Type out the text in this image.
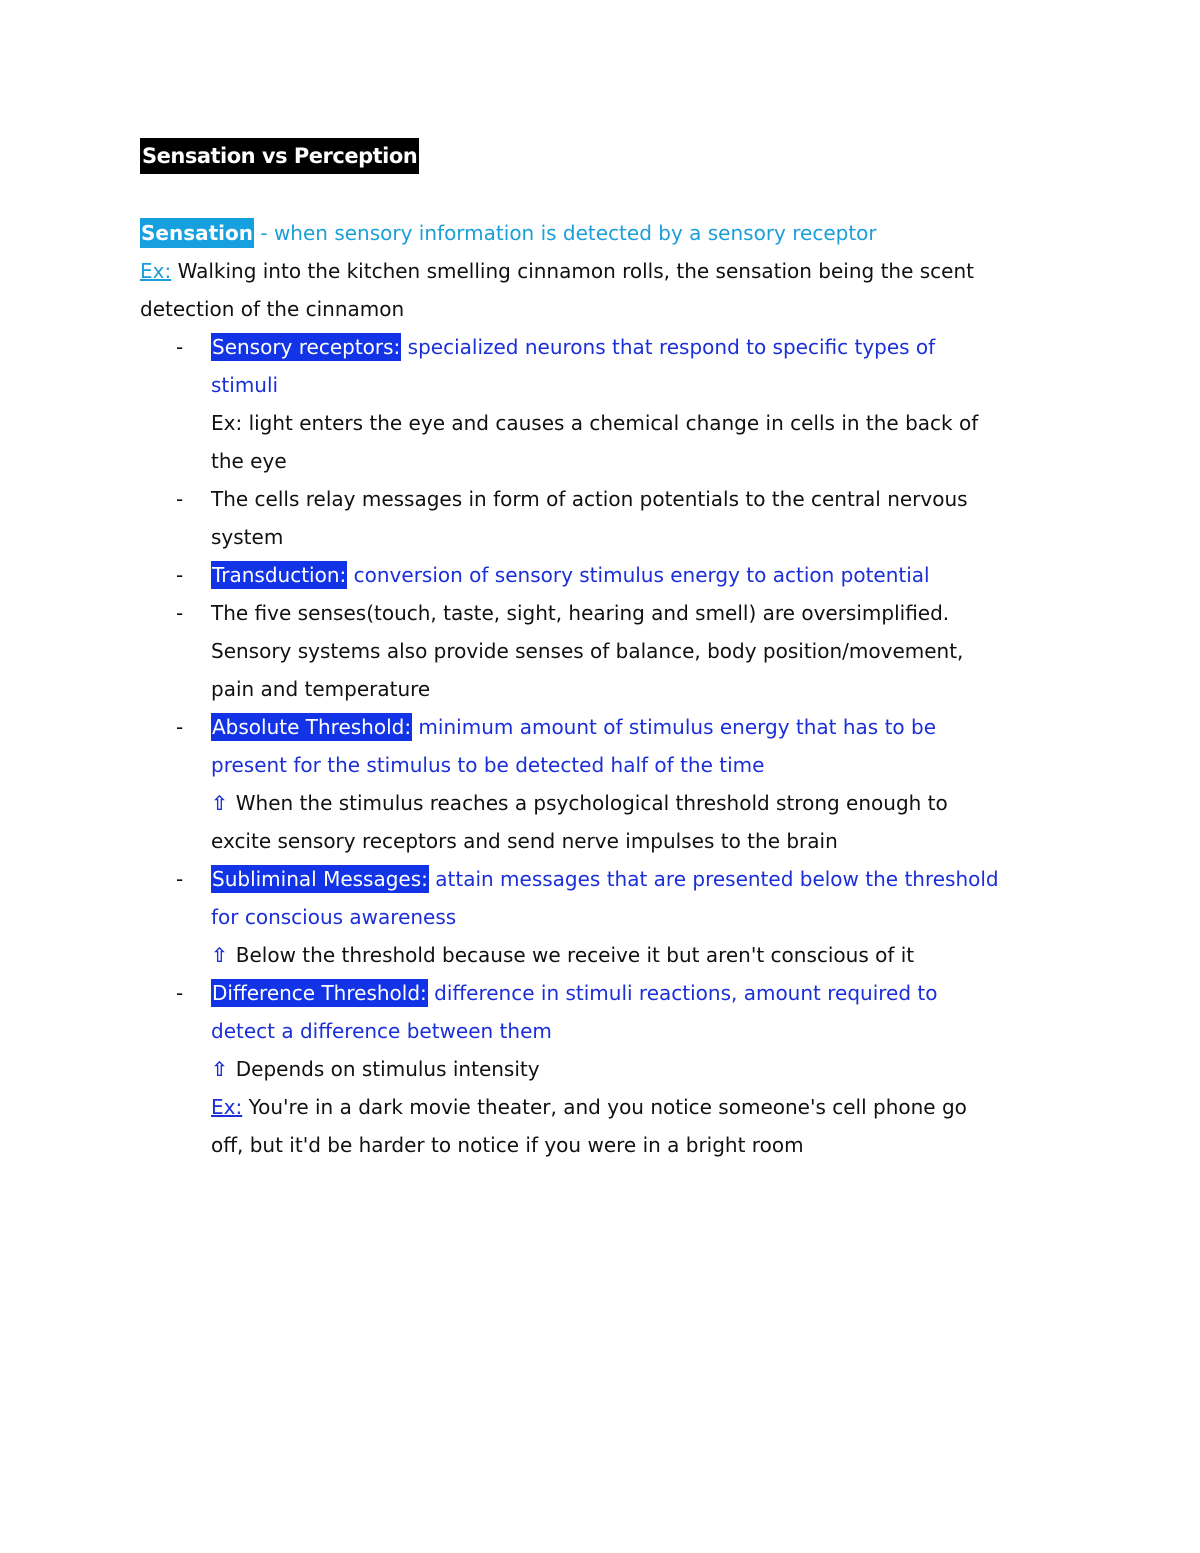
Sensation vs Perception
Sensation - when sensory information is detected by a sensory receptor
Ex: Walking into the kitchen smelling cinnamon rolls, the sensation being the scent
detection of the cinnamon
- Sensory receptors: specialized neurons that respond to specific types of
stimuli
Ex: light enters the eye and causes a chemical change in cells in the back of
the eye
- The cells relay messages in form of action potentials to the central nervous
system
- Transduction: conversion of sensory stimulus energy to action potential
- The five senses(touch, taste, sight, hearing and smell) are oversimplified.
Sensory systems also provide senses of balance, body position/movement,
pain and temperature
- Absolute Threshold: minimum amount of stimulus energy that has to be
present for the stimulus to be detected half of the time
⇧ When the stimulus reaches a psychological threshold strong enough to
excite sensory receptors and send nerve impulses to the brain
- Subliminal Messages: attain messages that are presented below the threshold
for conscious awareness
⇧ Below the threshold because we receive it but aren't conscious of it
- Difference Threshold: difference in stimuli reactions, amount required to
detect a difference between them
⇧ Depends on stimulus intensity
Ex: You're in a dark movie theater, and you notice someone's cell phone go
off, but it'd be harder to notice if you were in a bright room
